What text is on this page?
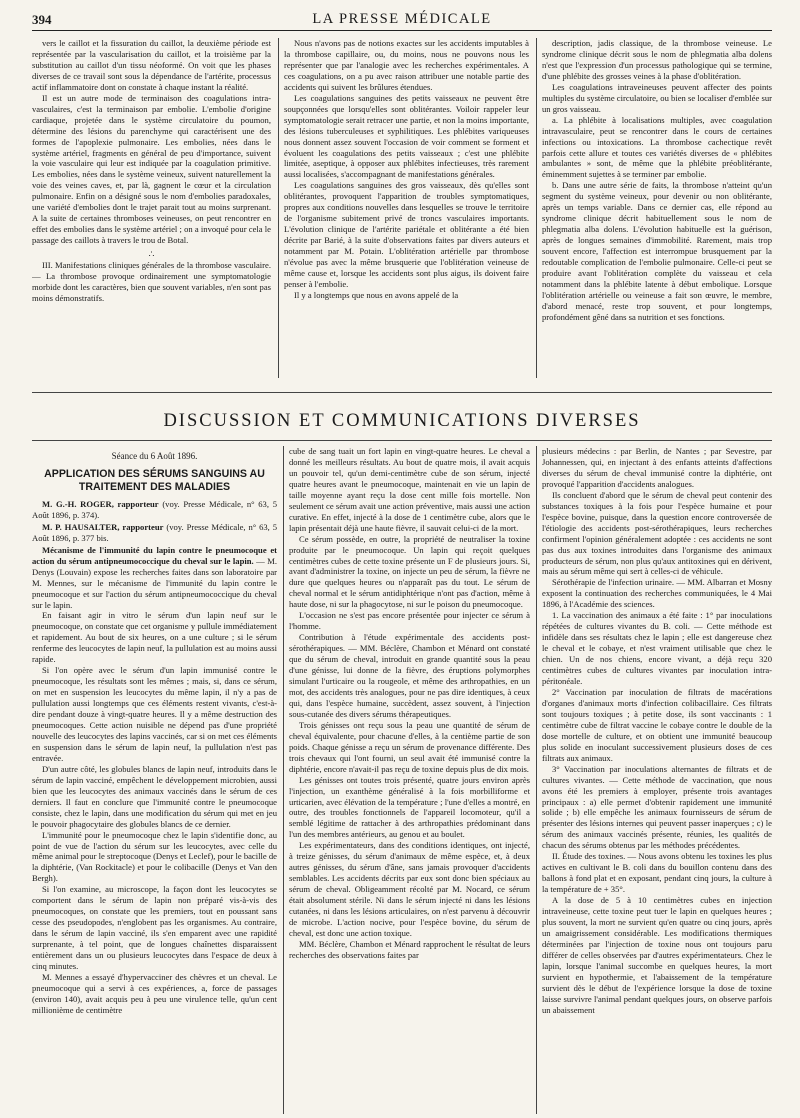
394	LA PRESSE MÉDICALE

vers le caillot et la fissuration du caillot, la deuxième période est représentée par la vascularisation du caillot, et la troisième par la substitution au caillot d'un tissu néoformé. On voit que les phases diverses de ce travail sont sous la dépendance de l'artérite, processus actif inflammatoire dont on constate à chaque instant la réalité.

Il est un autre mode de terminaison des coagulations intra-vasculaires, c'est la terminaison par embolie. L'embolie d'origine cardiaque, projetée dans le système circulatoire du poumon, détermine des lésions du parenchyme qui caractérisent une des formes de l'apoplexie pulmonaire. Les embolies, nées dans le système artériel, fragments en général de peu d'importance, suivent la voie vasculaire qui leur est indiquée par la coagulation primitive. Les embolies, nées dans le système veineux, suivent naturellement la voie des veines caves, et, par là, gagnent le cœur et la circulation pulmonaire. Enfin on a désigné sous le nom d'embolies paradoxales, une variété d'embolies dont le trajet parait tout au moins surprenant. A la suite de certaines thromboses veineuses, on peut rencontrer en effet des embolies dans le système artériel ; on a invoqué pour cela le passage des caillots à travers le trou de Botal.

∴

III. Manifestations cliniques générales de la thrombose vasculaire. — La thrombose provoque ordinairement une symptomatologie morbide dont les caractères, bien que souvent variables, n'en sont pas moins démonstratifs.

Nous n'avons pas de notions exactes sur les accidents imputables à la thrombose capillaire, ou, du moins, nous ne pouvons nous les représenter que par l'analogie avec les recherches expérimentales. A ces coagulations, on a pu avec raison attribuer une notable partie des accidents qui suivent les brûlures étendues.

Les coagulations sanguines des petits vaisseaux ne peuvent être soupçonnées que lorsqu'elles sont oblitérantes. Voiloir rappeler leur symptomatologie serait retracer une partie, et non la moins importante, des lésions tuberculeuses et syphilitiques. Les phlébites variqueuses nous donnent assez souvent l'occasion de voir comment se forment et évoluent les coagulations des petits vaisseaux ; c'est une phlébite limitée, aseptique, à opposer aux phlébites infectieuses, très rarement aussi localisées, s'accompagnant de manifestations générales.

Les coagulations sanguines des gros vaisseaux, dès qu'elles sont oblitérantes, provoquent l'apparition de troubles symptomatiques, propres aux conditions nouvelles dans lesquelles se trouve le territoire de l'organisme subitement privé de troncs vasculaires importants. L'évolution clinique de l'artérite pariétale et oblitérante a été bien décrite par Barié, à la suite d'observations faites par divers auteurs et notamment par M. Potain. L'oblitération artérielle par thrombose n'évolue pas avec la même brusquerie que l'oblitération veineuse de même cause et, lorsque les accidents sont plus aigus, ils doivent faire penser à l'embolie.

Il y a longtemps que nous en avons appelé de la

description, jadis classique, de la thrombose veineuse. Le syndrome clinique décrit sous le nom de phlegmatia alba dolens n'est que l'expression d'un processus pathologique qui se termine, d'une phlébite des grosses veines à la phase d'oblitération.

Les coagulations intraveineuses peuvent affecter des points multiples du système circulatoire, ou bien se localiser d'emblée sur un gros vaisseau.

a. La phlébite à localisations multiples, avec coagulation intravasculaire, peut se rencontrer dans le cours de certaines infections ou intoxications. La thrombose cachectique revêt parfois cette allure et toutes ces variétés diverses de « phlébites ambulantes » sont, de même que la phlébite préoblitérante, éminemment sujettes à se terminer par embolie.

b. Dans une autre série de faits, la thrombose n'atteint qu'un segment du système veineux, pour devenir ou non oblitérante, après un temps variable. Dans ce dernier cas, elle répond au syndrome clinique décrit habituellement sous le nom de phlegmatia alba dolens. L'évolution habituelle est la guérison, après de longues semaines d'immobilité. Rarement, mais trop souvent encore, l'affection est interrompue brusquement par la redoutable complication de l'embolie pulmonaire. Celle-ci peut se produire avant l'oblitération complète du vaisseau et cela notamment dans la phlébite latente à début embolique. Lorsque l'oblitération artérielle ou veineuse a fait son œuvre, le membre, d'abord menacé, reste trop souvent, et pour longtemps, profondément gêné dans sa nutrition et ses fonctions.

DISCUSSION ET COMMUNICATIONS DIVERSES

Séance du 6 Août 1896.

APPLICATION DES SÉRUMS SANGUINS AU TRAITEMENT DES MALADIES

M. G.-H. ROGER, rapporteur (voy. Presse Médicale, n° 63, 5 Août 1896, p. 374).

M. P. HAUSALTER, rapporteur (voy. Presse Médicale, n° 63, 5 Août 1896, p. 377 bis.

Mécanisme de l'immunité du lapin contre le pneumocoque et action du sérum antipneumococcique du cheval sur le lapin. — M. Denys (Louvain) expose les recherches faites dans son laboratoire par M. Mennes, sur le mécanisme de l'immunité du lapin contre le pneumocoque et sur l'action du sérum antipneumococcique du cheval sur le lapin.

En faisant agir in vitro le sérum d'un lapin neuf sur le pneumocoque, on constate que cet organisme y pullule immédiatement et rapidement. Au bout de six heures, on a une culture ; si le sérum renferme des leucocytes de lapin neuf, la pullulation est au moins aussi rapide.

Si l'on opère avec le sérum d'un lapin immunisé contre le pneumocoque, les résultats sont les mêmes ; mais, si, dans ce sérum, on met en suspension les leucocytes du même lapin, il n'y a pas de pullulation aussi longtemps que ces éléments restent vivants, c'est-à-dire pendant douze à vingt-quatre heures. Il y a même destruction des pneumocoques. Cette action nuisible ne dépend pas d'une propriété nouvelle des leucocytes des lapins vaccinés, car si on met ces éléments en suspension dans le sérum de lapin neuf, la pullulation n'est pas entravée.

D'un autre côté, les globules blancs de lapin neuf, introduits dans le sérum de lapin vacciné, empêchent le développement microbien, aussi bien que les leucocytes des animaux vaccinés dans le sérum de ces derniers. Il faut en conclure que l'immunité contre le pneumocoque consiste, chez le lapin, dans une modification du sérum qui met en jeu le pouvoir phagocytaire des globules blancs de ce dernier.

L'immunité pour le pneumocoque chez le lapin s'identifie donc, au point de vue de l'action du sérum sur les leucocytes, avec celle du même animal pour le streptocoque (Denys et Leclef), pour le bacille de la diphtérie, (Van Rockitacle) et pour le colibacille (Denys et Van den Bergh).

Si l'on examine, au microscope, la façon dont les leucocytes se comportent dans le sérum de lapin non préparé vis-à-vis des pneumocoques, on constate que les premiers, tout en poussant sans cesse des pseudopodes, n'englobent pas les organismes. Au contraire, dans le sérum de lapin vacciné, ils s'en emparent avec une rapidité surprenante, à tel point, que de longues chaînettes disparaissent entièrement dans un ou plusieurs leucocytes dans l'espace de deux à cinq minutes.

M. Mennes a essayé d'hypervacciner des chèvres et un cheval. Le pneumocoque qui a servi à ces expériences, a, force de passages (environ 140), avait acquis peu à peu une virulence telle, qu'un cent millionième de centimètre

cube de sang tuait un fort lapin en vingt-quatre heures. Le cheval a donné les meilleurs résultats. Au bout de quatre mois, il avait acquis un pouvoir tel, qu'un demi-centimètre cube de son sérum, injecté quatre heures avant le pneumocoque, maintenait en vie un lapin de taille moyenne ayant reçu la dose cent mille fois mortelle. Non seulement ce sérum avait une action préventive, mais aussi une action curative. En effet, injecté à la dose de 1 centimètre cube, alors que le lapin présentait déjà une haute fièvre, il sauvait celui-ci de la mort.

Ce sérum possède, en outre, la propriété de neutraliser la toxine produite par le pneumocoque. Un lapin qui reçoit quelques centimètres cubes de cette toxine présente un F de plusieurs jours. Si, avant d'administrer la toxine, on injecte un peu de sérum, la fièvre ne dure que quelques heures ou n'apparaît pas du tout. Le sérum de cheval normal et le sérum antidiphtérique n'ont pas d'action, même à haute dose, ni sur la phagocytose, ni sur le poison du pneumocoque.

L'occasion ne s'est pas encore présentée pour injecter ce sérum à l'homme.

Contribution à l'étude expérimentale des accidents post-sérothérapiques. — MM. Béclère, Chambon et Ménard ont constaté que du sérum de cheval, introduit en grande quantité sous la peau d'une génisse, lui donne de la fièvre, des éruptions polymorphes simulant l'urticaire ou la rougeole, et même des arthropathies, en un mot, des accidents très analogues, pour ne pas dire identiques, à ceux qui, dans l'espèce humaine, succèdent, assez souvent, à l'injection sous-cutanée des divers sérums thérapeutiques.

Trois génisses ont reçu sous la peau une quantité de sérum de cheval équivalente, pour chacune d'elles, à la centième partie de son poids. Chaque génisse a reçu un sérum de provenance différente. Des trois chevaux qui l'ont fourni, un seul avait été immunisé contre la diphtérie, encore n'avait-il pas reçu de toxine depuis plus de dix mois.

Les génisses ont toutes trois présenté, quatre jours environ après l'injection, un exanthème généralisé à la fois morbilliforme et urticarien, avec élévation de la température ; l'une d'elles a montré, en outre, des troubles fonctionnels de l'appareil locomoteur, qu'il a semblé légitime de rattacher à des arthropathies prédominant dans l'un des membres antérieurs, au genou et au boulet.

Les expérimentateurs, dans des conditions identiques, ont injecté, à treize génisses, du sérum d'animaux de même espèce, et, à deux autres génisses, du sérum d'âne, sans jamais provoquer d'accidents semblables. Les accidents décrits par eux sont donc bien spéciaux au sérum de cheval. Obligeamment récolté par M. Nocard, ce sérum était absolument stérile. Ni dans le sérum injecté ni dans les lésions cutanées, ni dans les lésions articulaires, on n'est parvenu à découvrir de microbe. L'action nocive, pour l'espèce bovine, du sérum de cheval, est donc une action toxique.

MM. Béclère, Chambon et Ménard rapprochent le résultat de leurs recherches des observations faites par

plusieurs médecins : par Berlin, de Nantes ; par Sevestre, par Johannessen, qui, en injectant à des enfants atteints d'affections diverses du sérum de cheval immunisé contre la diphtérie, ont provoqué l'apparition d'accidents analogues.

Ils concluent d'abord que le sérum de cheval peut contenir des substances toxiques à la fois pour l'espèce humaine et pour l'espèce bovine, puisque, dans la question encore controversée de l'étiologie des accidents post-sérothérapiques, leurs recherches confirment l'opinion généralement adoptée : ces accidents ne sont pas dus aux toxines introduites dans l'organisme des animaux producteurs de sérum, non plus qu'aux antitoxines qui en dérivent, mais au sérum même qui sert à celles-ci de véhicule.

Sérothérapie de l'infection urinaire. — MM. Albarran et Mosny exposent la continuation des recherches communiquées, le 4 Mai 1896, à l'Académie des sciences.

1. La vaccination des animaux a été faite : 1° par inoculations répétées de cultures vivantes du B. coli. — Cette méthode est infidèle dans ses résultats chez le lapin ; elle est dangereuse chez le cheval et le cobaye, et n'est vraiment utilisable que chez le chien. Un de nos chiens, encore vivant, a déjà reçu 320 centimètres cubes de cultures vivantes par inoculation intra-péritonéale.

2° Vaccination par inoculation de filtrats de macérations d'organes d'animaux morts d'infection colibacillaire. Ces filtrats sont toujours toxiques ; à petite dose, ils sont vaccinants : 1 centimètre cube de filtrat vaccine le cobaye contre le double de la dose mortelle de culture, et on obtient une immunité beaucoup plus solide en inoculant successivement plusieurs doses de ces filtrats aux animaux.

3° Vaccination par inoculations alternantes de filtrats et de cultures vivantes. — Cette méthode de vaccination, que nous avons été les premiers à employer, présente trois avantages principaux : a) elle permet d'obtenir rapidement une immunité solide ; b) elle empêche les animaux fournisseurs de sérum de présenter des lésions internes qui peuvent passer inaperçues ; c) le sérum des animaux vaccinés présente, réunies, les qualités de chacun des sérums obtenus par les méthodes précédentes.

II. Étude des toxines. — Nous avons obtenu les toxines les plus actives en cultivant le B. coli dans du bouillon contenu dans des ballons à fond plat et en exposant, pendant cinq jours, la culture à la température de + 35°.

A la dose de 5 à 10 centimètres cubes en injection intraveineuse, cette toxine peut tuer le lapin en quelques heures ; plus souvent, la mort ne survient qu'en quatre ou cinq jours, après un amaigrissement considérable. Les modifications thermiques déterminées par l'injection de toxine nous ont toujours paru différer de celles observées par d'autres expérimentateurs. Chez le lapin, lorsque l'animal succombe en quelques heures, la mort survient en hypothermie, et l'abaissement de la température survient dès le début de l'expérience lorsque la dose de toxine laisse survivre l'animal pendant quelques jours, on observe parfois un abaissement
